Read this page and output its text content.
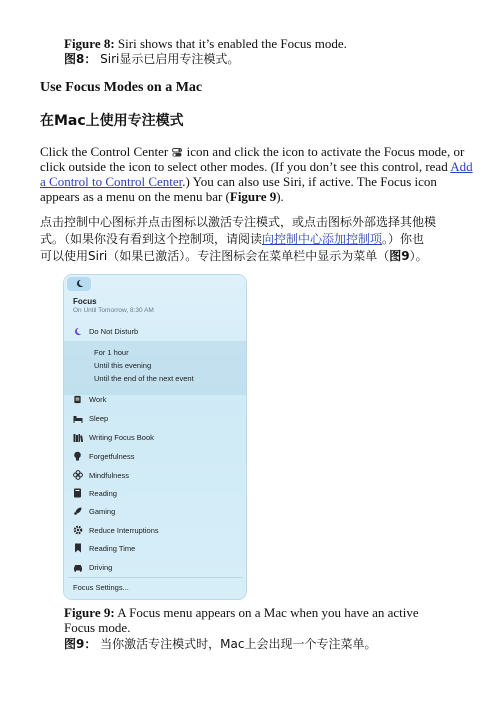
Figure 8: Siri shows that it’s enabled the Focus mode.
图8： Siri显示已启用专注模式。
Use Focus Modes on a Mac
在Mac上使用专注模式
Click the Control Center  icon and click the icon to activate the Focus mode, or
click outside the icon to select other modes. (If you don’t see this control, read Add
a Control to Control Center.) You can also use Siri, if active. The Focus icon
appears as a menu on the menu bar (Figure 9).
点击控制中心图标并点击图标以激活专注模式，或点击图标外部选择其他模
式。（如果你没有看到这个控制项，请阅读向控制中心添加控制项。）你也
可以使用Siri（如果已激活）。专注图标会在菜单栏中显示为菜单（图9）。
Focus
On Until Tomorrow, 8:30 AM
Do Not Disturb
For 1 hour
Until this evening
Until the end of the next event
Work
Sleep
Writing Focus Book
Forgetfulness
Mindfulness
Reading
Gaming
Reduce Interruptions
Reading Time
Driving
Focus Settings...
Figure 9: A Focus menu appears on a Mac when you have an active
Focus mode.
图9： 当你激活专注模式时，Mac上会出现一个专注菜单。
